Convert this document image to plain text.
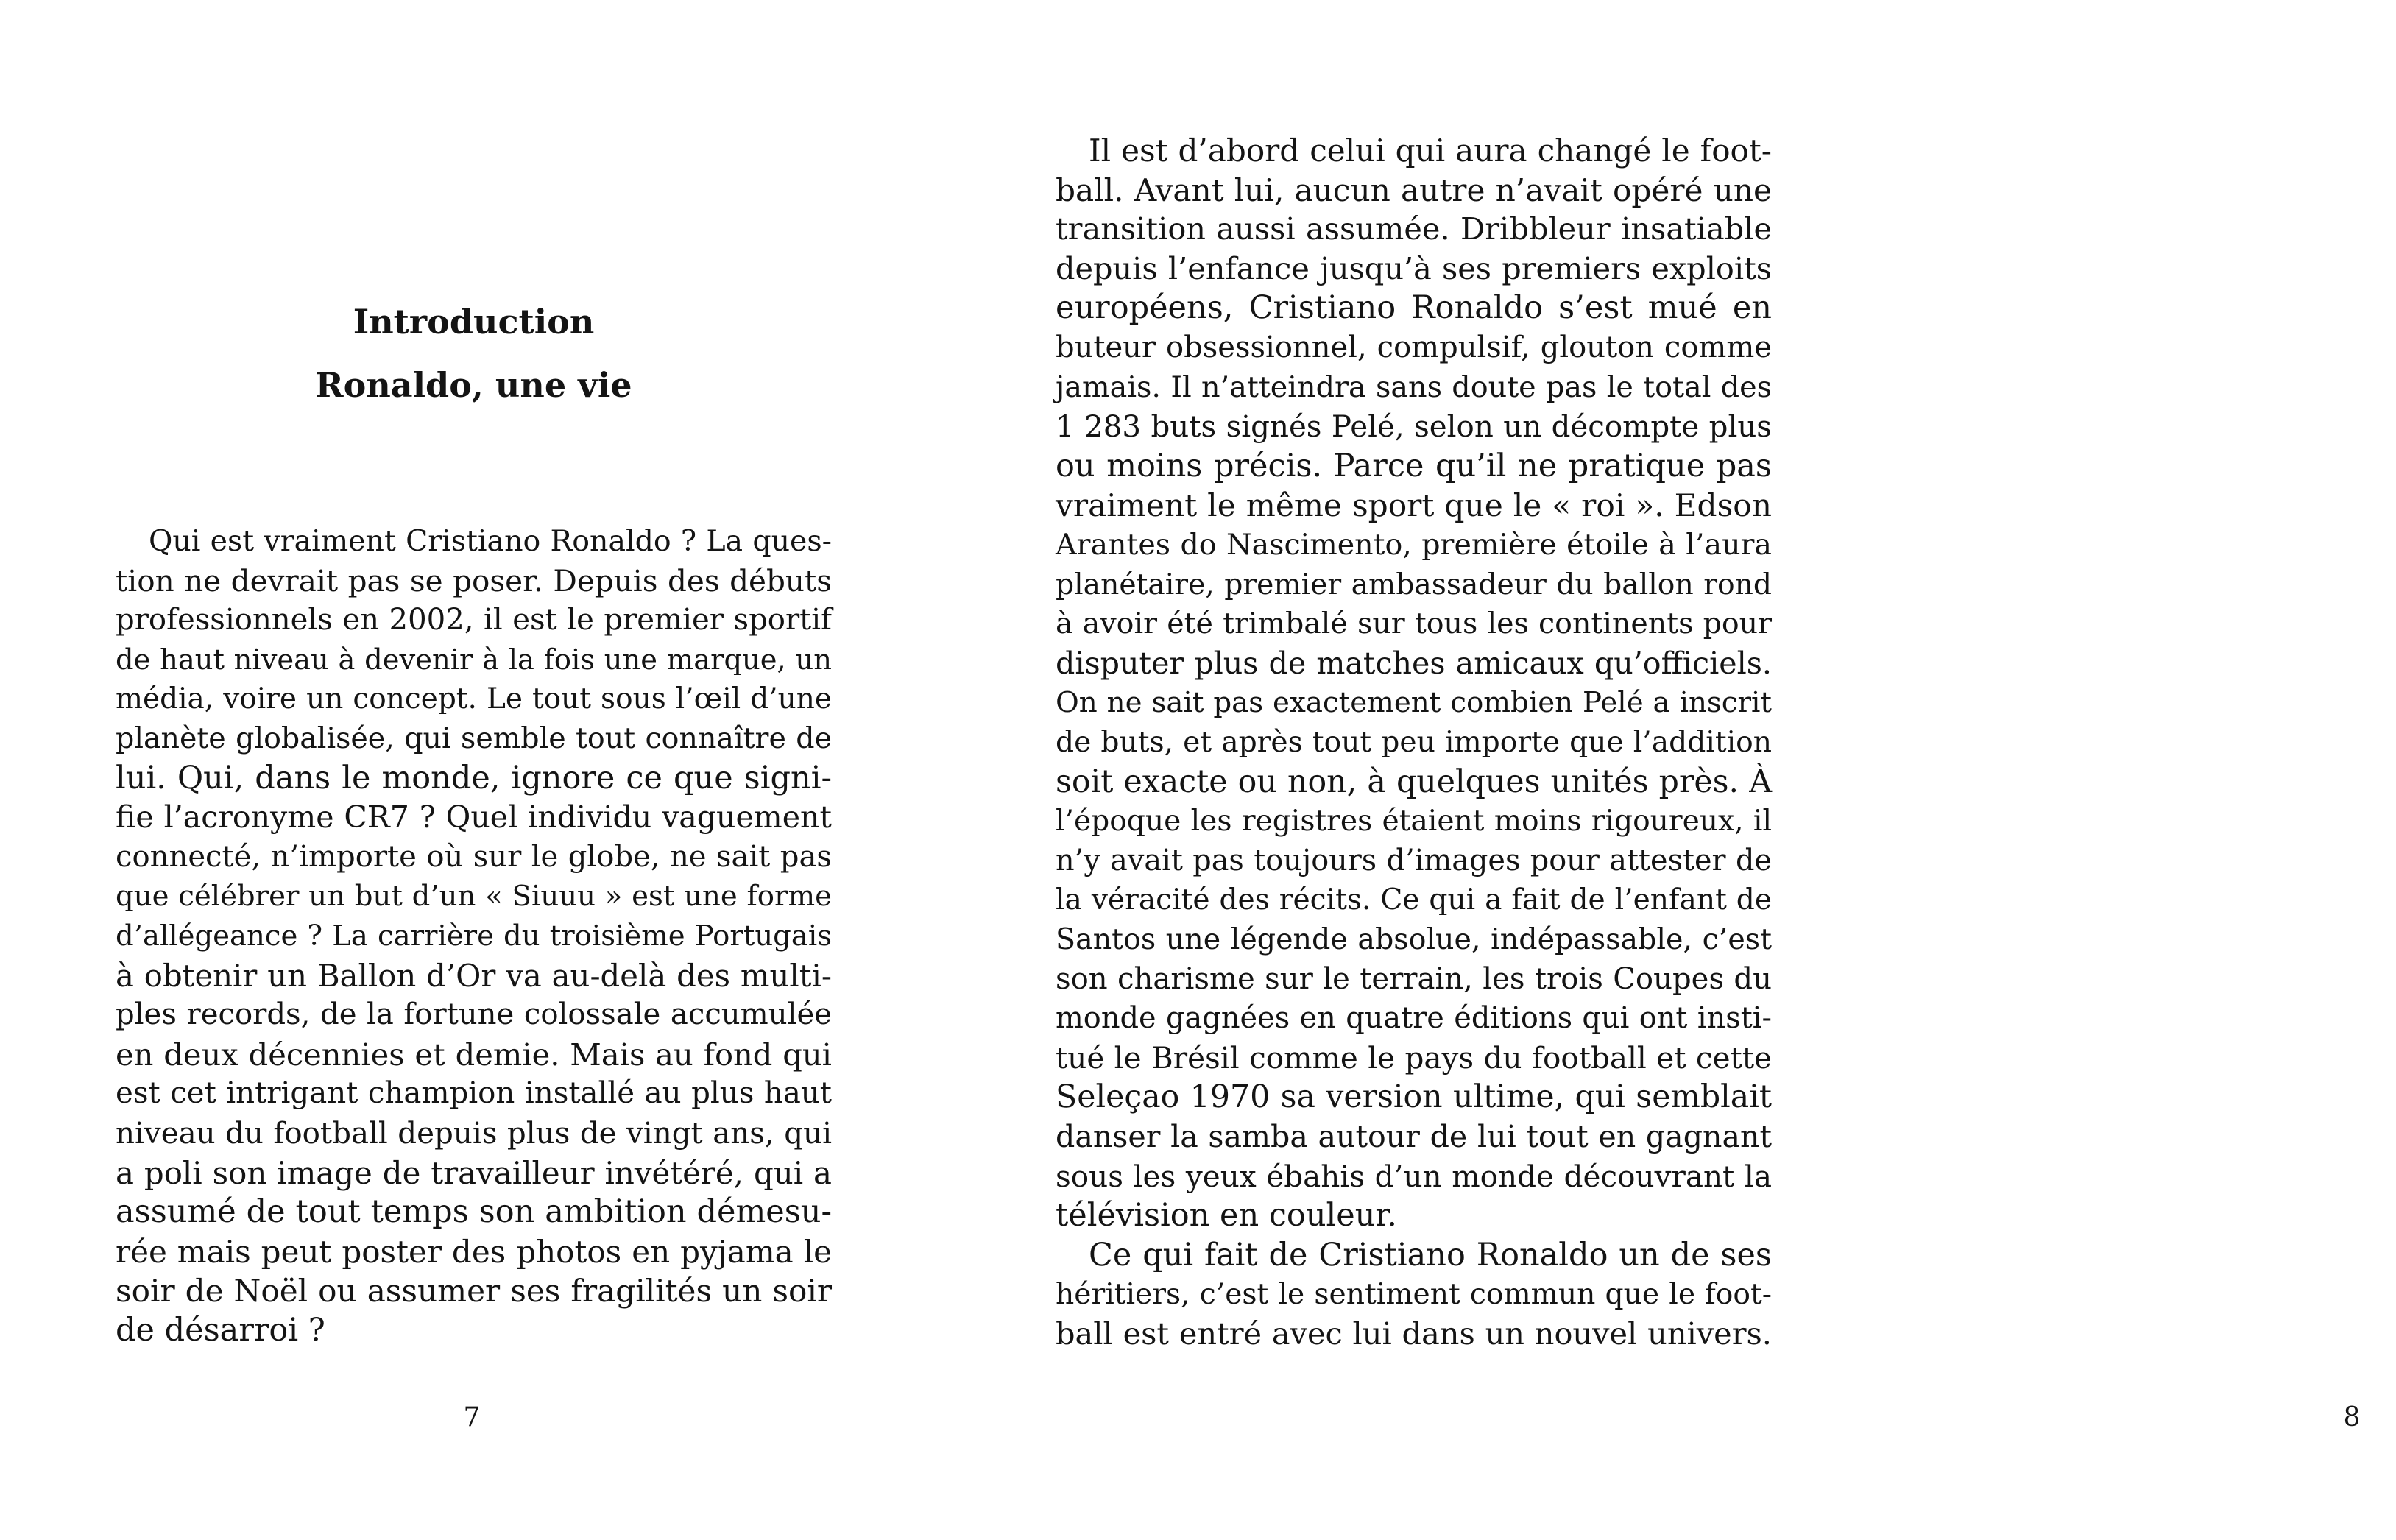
Introduction
Ronaldo, une vie
Qui est vraiment Cristiano Ronaldo ? La ques-
tion ne devrait pas se poser. Depuis des débuts
professionnels en 2002, il est le premier sportif
de haut niveau à devenir à la fois une marque, un
média, voire un concept. Le tout sous l’œil d’une
planète globalisée, qui semble tout connaître de
lui. Qui, dans le monde, ignore ce que signi-
fie l’acronyme CR7 ? Quel individu vaguement
connecté, n’importe où sur le globe, ne sait pas
que célébrer un but d’un « Siuuu » est une forme
d’allégeance ? La carrière du troisième Portugais
à obtenir un Ballon d’Or va au-delà des multi-
ples records, de la fortune colossale accumulée
en deux décennies et demie. Mais au fond qui
est cet intrigant champion installé au plus haut
niveau du football depuis plus de vingt ans, qui
a poli son image de travailleur invétéré, qui a
assumé de tout temps son ambition démesu-
rée mais peut poster des photos en pyjama le
soir de Noël ou assumer ses fragilités un soir
de désarroi ?
7
Il est d’abord celui qui aura changé le foot-
ball. Avant lui, aucun autre n’avait opéré une
transition aussi assumée. Dribbleur insatiable
depuis l’enfance jusqu’à ses premiers exploits
européens, Cristiano Ronaldo s’est mué en
buteur obsessionnel, compulsif, glouton comme
jamais. Il n’atteindra sans doute pas le total des
1 283 buts signés Pelé, selon un décompte plus
ou moins précis. Parce qu’il ne pratique pas
vraiment le même sport que le « roi ». Edson
Arantes do Nascimento, première étoile à l’aura
planétaire, premier ambassadeur du ballon rond
à avoir été trimbalé sur tous les continents pour
disputer plus de matches amicaux qu’officiels.
On ne sait pas exactement combien Pelé a inscrit
de buts, et après tout peu importe que l’addition
soit exacte ou non, à quelques unités près. À
l’époque les registres étaient moins rigoureux, il
n’y avait pas toujours d’images pour attester de
la véracité des récits. Ce qui a fait de l’enfant de
Santos une légende absolue, indépassable, c’est
son charisme sur le terrain, les trois Coupes du
monde gagnées en quatre éditions qui ont insti-
tué le Brésil comme le pays du football et cette
Seleçao 1970 sa version ultime, qui semblait
danser la samba autour de lui tout en gagnant
sous les yeux ébahis d’un monde découvrant la
télévision en couleur.
Ce qui fait de Cristiano Ronaldo un de ses
héritiers, c’est le sentiment commun que le foot-
ball est entré avec lui dans un nouvel univers.
8
